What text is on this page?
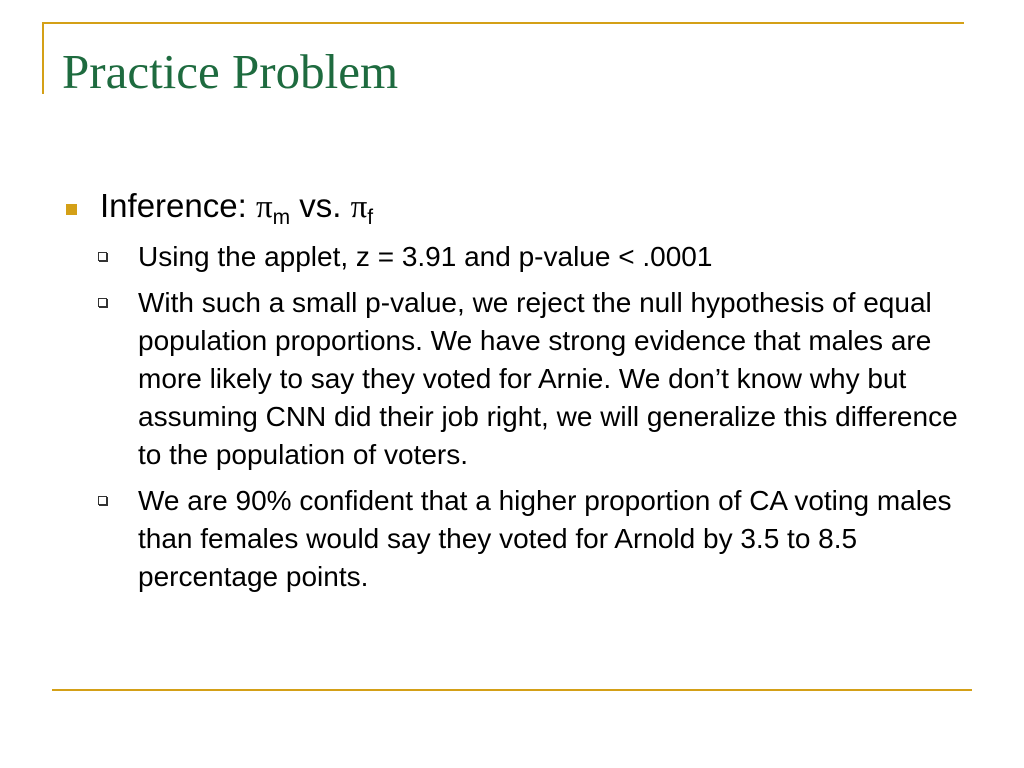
Practice Problem
Inference: $\pi_m$ vs. $\pi_f$
Using the applet, z = 3.91 and p-value < .0001
With such a small p-value, we reject the null hypothesis of equal population proportions. We have strong evidence that males are more likely to say they voted for Arnie. We don’t know why but assuming CNN did their job right, we will generalize this difference to the population of voters.
We are 90% confident that a higher proportion of CA voting males than females would say they voted for Arnold by 3.5 to 8.5 percentage points.
